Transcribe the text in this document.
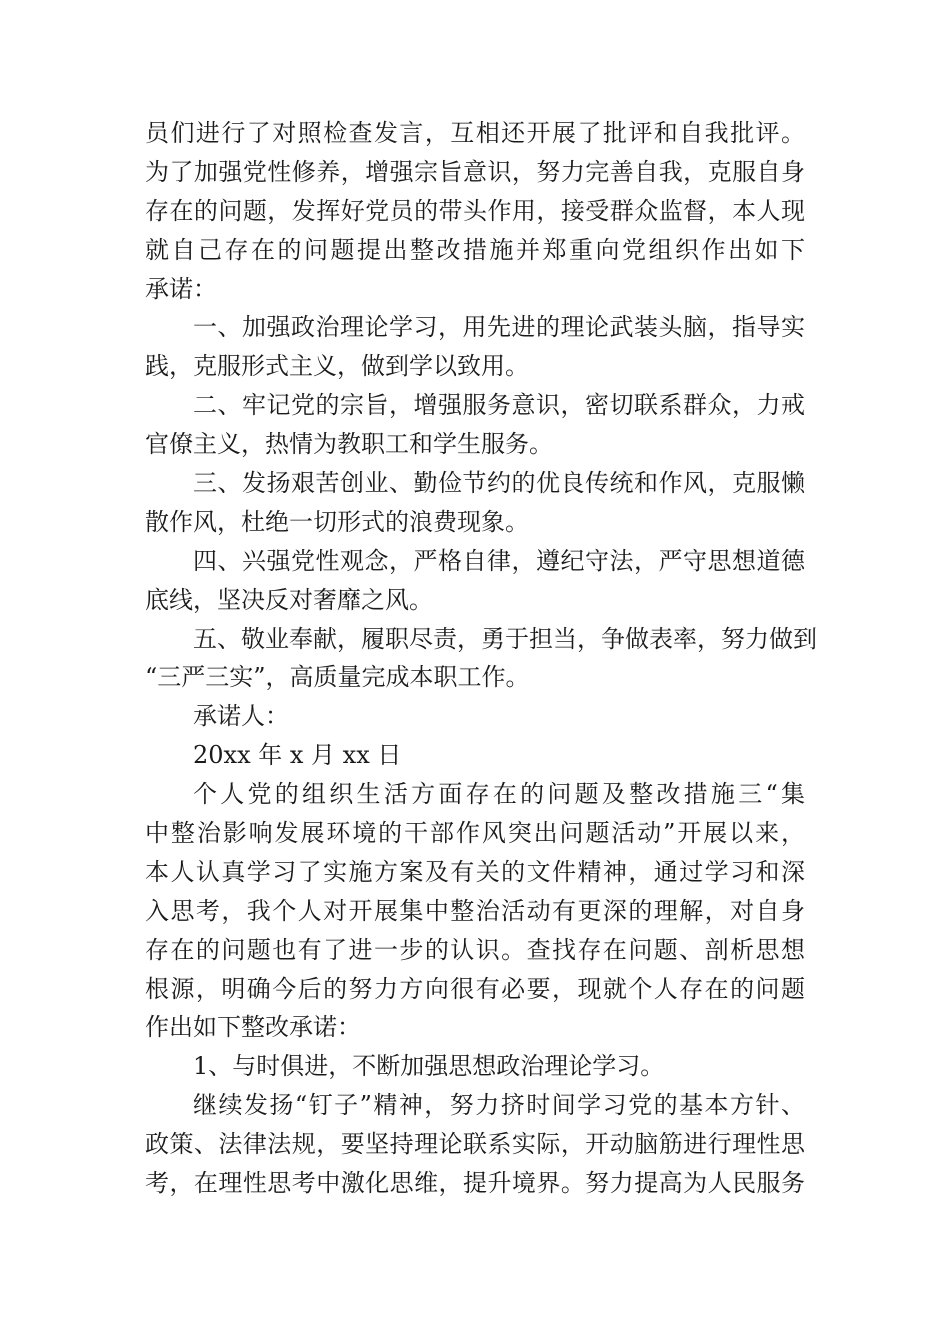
员们进行了对照检查发言，互相还开展了批评和自我批评。
为了加强党性修养，增强宗旨意识，努力完善自我，克服自身
存在的问题，发挥好党员的带头作用，接受群众监督，本人现
就自己存在的问题提出整改措施并郑重向党组织作出如下
承诺：
一、加强政治理论学习，用先进的理论武装头脑，指导实
践，克服形式主义，做到学以致用。
二、牢记党的宗旨，增强服务意识，密切联系群众，力戒
官僚主义，热情为教职工和学生服务。
三、发扬艰苦创业、勤俭节约的优良传统和作风，克服懒
散作风，杜绝一切形式的浪费现象。
四、兴强党性观念，严格自律，遵纪守法，严守思想道德
底线，坚决反对奢靡之风。
五、敬业奉献，履职尽责，勇于担当，争做表率，努力做到
“三严三实”，高质量完成本职工作。
承诺人：
20xx 年 x 月 xx 日
个人党的组织生活方面存在的问题及整改措施三“集
中整治影响发展环境的干部作风突出问题活动”开展以来，
本人认真学习了实施方案及有关的文件精神，通过学习和深
入思考，我个人对开展集中整治活动有更深的理解，对自身
存在的问题也有了进一步的认识。查找存在问题、剖析思想
根源，明确今后的努力方向很有必要，现就个人存在的问题
作出如下整改承诺：
1、与时俱进，不断加强思想政治理论学习。
继续发扬“钉子”精神，努力挤时间学习党的基本方针、
政策、法律法规，要坚持理论联系实际，开动脑筋进行理性思
考，在理性思考中激化思维，提升境界。努力提高为人民服务
